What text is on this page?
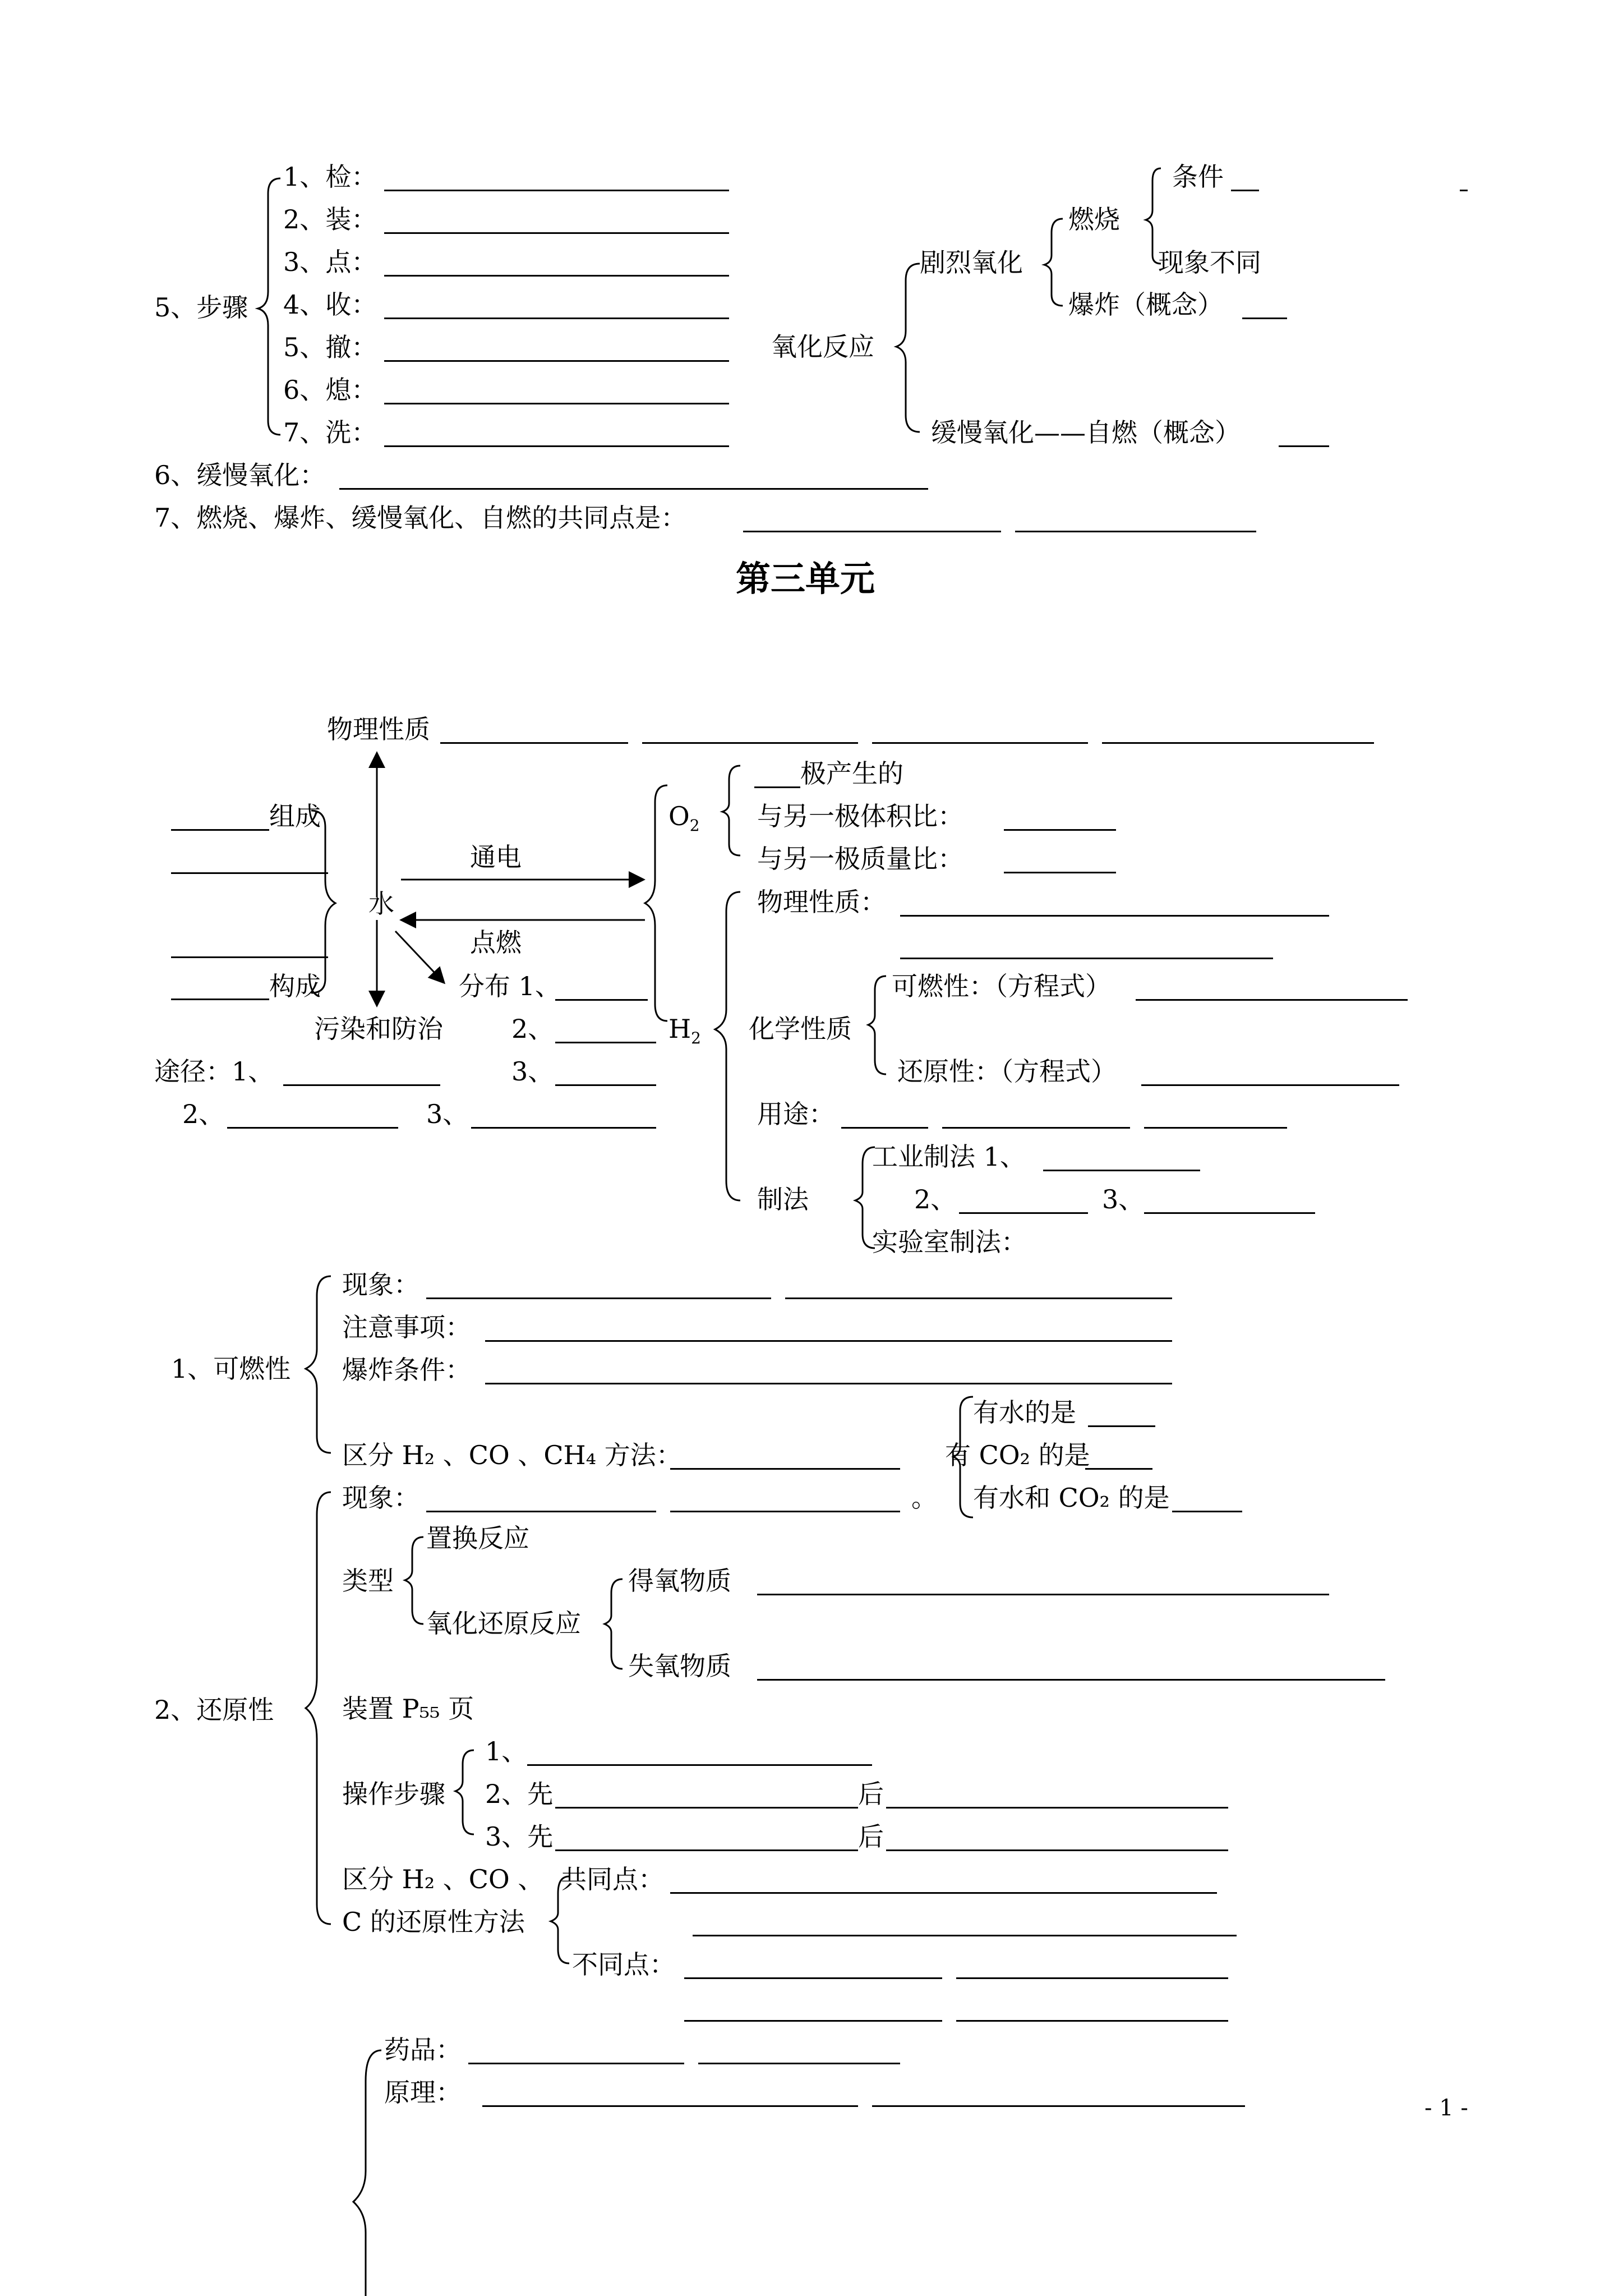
5、步骤
1、检：
2、装：
3、点：
4、收：
5、撤：
6、熄：
7、洗：
氧化反应
剧烈氧化
燃烧
条件
现象不同
爆炸（概念）
缓慢氧化——自燃（概念）
6、缓慢氧化：
7、燃烧、爆炸、缓慢氧化、自燃的共同点是：
第三单元
物理性质
组成
构成
水
通电
点燃
分布 1、
2、
3、
污染和防治
途径：1、
2、	3、
$O_2$
极产生的
与另一极体积比：
与另一极质量比：
$H_2$
物理性质：
化学性质
可燃性：（方程式）
还原性：（方程式）
用途：
制法
工业制法 1、
2、	3、
实验室制法：
1、可燃性
现象：
注意事项：
爆炸条件：
区分 H₂ 、CO 、CH₄ 方法：
有水的是
有 CO₂ 的是
有水和 CO₂ 的是
2、还原性
现象：	。
类型
置换反应
氧化还原反应
得氧物质
失氧物质
装置 P₅₅ 页
操作步骤
1、
2、先	后
3、先	后
区分 H₂ 、CO 、
C 的还原性方法
共同点：
不同点：
药品：
原理：
- 1 -
